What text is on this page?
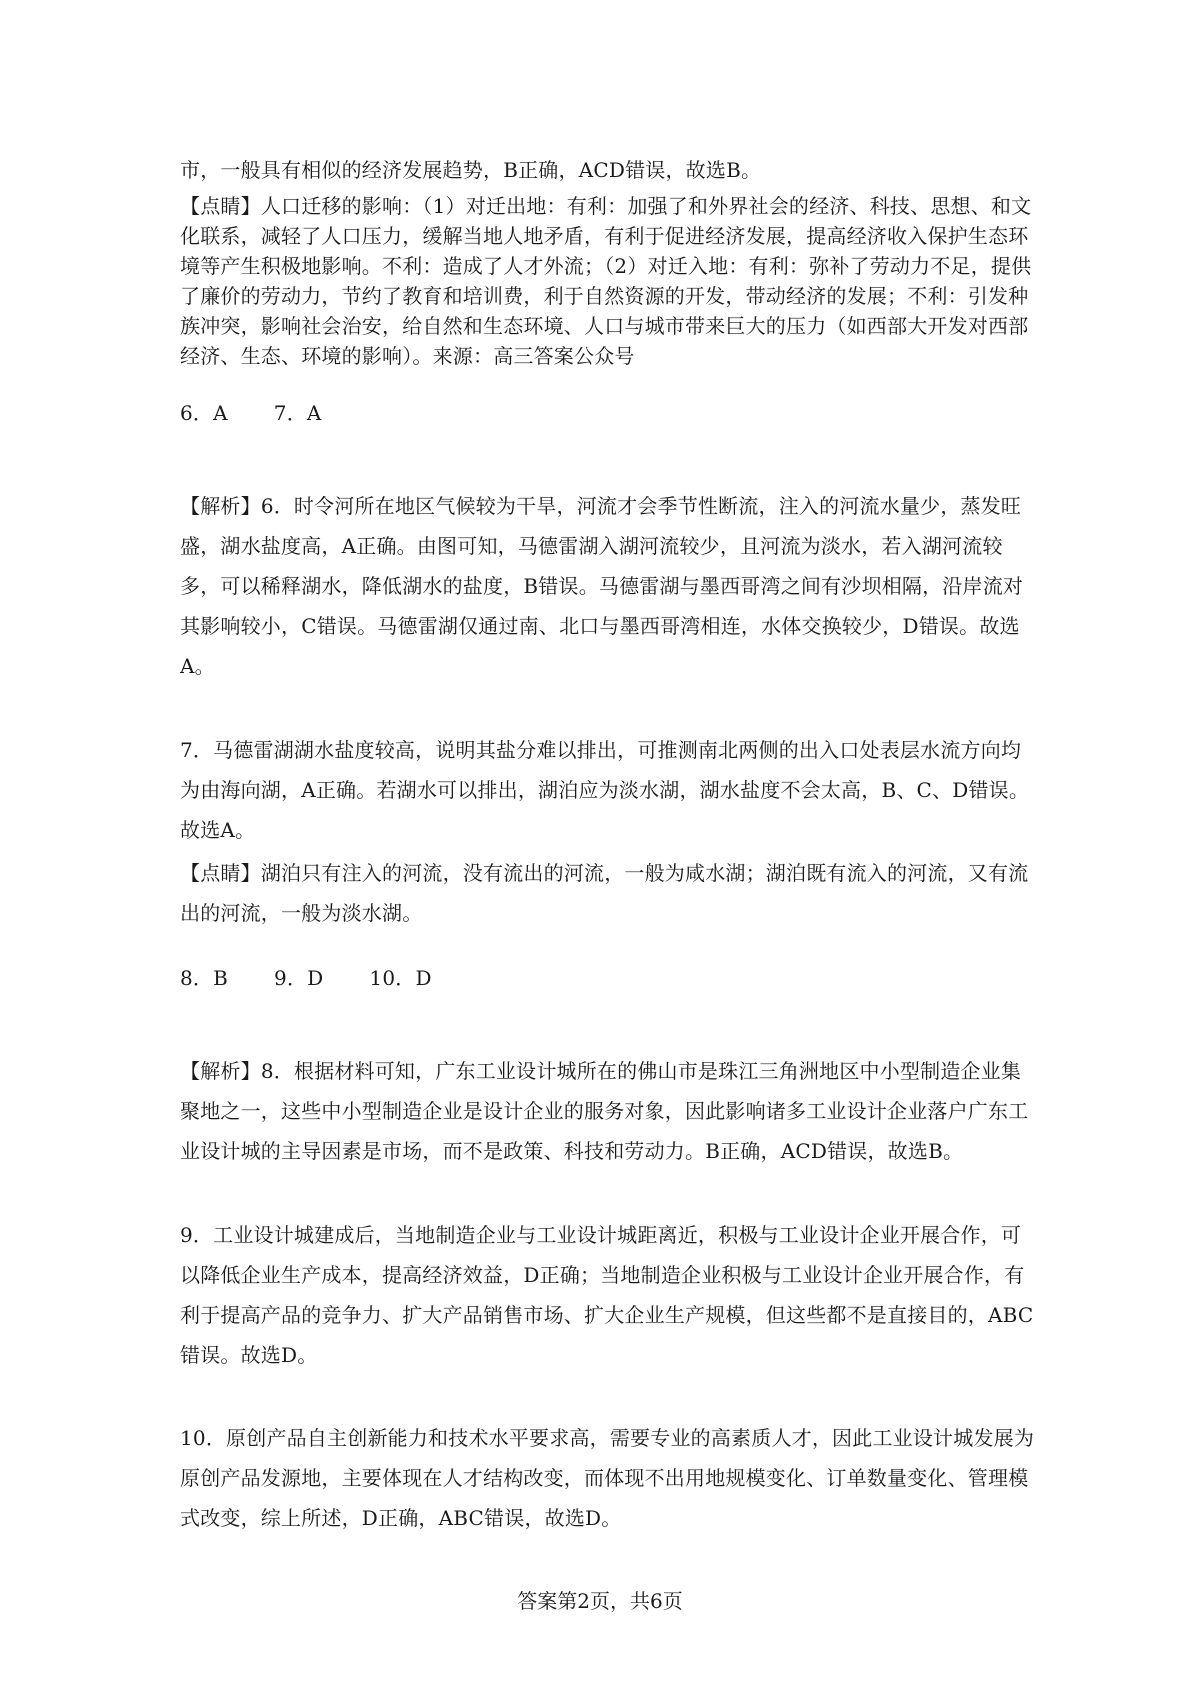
市，一般具有相似的经济发展趋势，B正确，ACD错误，故选B。

【点睛】人口迁移的影响：（1）对迁出地：有利：加强了和外界社会的经济、科技、思想、和文化联系，减轻了人口压力，缓解当地人地矛盾，有利于促进经济发展，提高经济收入保护生态环境等产生积极地影响。不利：造成了人才外流；（2）对迁入地：有利：弥补了劳动力不足，提供了廉价的劳动力，节约了教育和培训费，利于自然资源的开发，带动经济的发展；不利：引发种族冲突，影响社会治安，给自然和生态环境、人口与城市带来巨大的压力（如西部大开发对西部经济、生态、环境的影响）。来源：高三答案公众号

6．A 7．A

【解析】6．时令河所在地区气候较为干旱，河流才会季节性断流，注入的河流水量少，蒸发旺盛，湖水盐度高，A正确。由图可知，马德雷湖入湖河流较少，且河流为淡水，若入湖河流较多，可以稀释湖水，降低湖水的盐度，B错误。马德雷湖与墨西哥湾之间有沙坝相隔，沿岸流对其影响较小，C错误。马德雷湖仅通过南、北口与墨西哥湾相连，水体交换较少，D错误。故选A。

7．马德雷湖湖水盐度较高，说明其盐分难以排出，可推测南北两侧的出入口处表层水流方向均为由海向湖，A正确。若湖水可以排出，湖泊应为淡水湖，湖水盐度不会太高，B、C、D错误。故选A。

【点睛】湖泊只有注入的河流，没有流出的河流，一般为咸水湖；湖泊既有流入的河流，又有流出的河流，一般为淡水湖。

8．B 9．D 10．D

【解析】8．根据材料可知，广东工业设计城所在的佛山市是珠江三角洲地区中小型制造企业集聚地之一，这些中小型制造企业是设计企业的服务对象，因此影响诸多工业设计企业落户广东工业设计城的主导因素是市场，而不是政策、科技和劳动力。B正确，ACD错误，故选B。

9．工业设计城建成后，当地制造企业与工业设计城距离近，积极与工业设计企业开展合作，可以降低企业生产成本，提高经济效益，D正确；当地制造企业积极与工业设计企业开展合作，有利于提高产品的竞争力、扩大产品销售市场、扩大企业生产规模，但这些都不是直接目的，ABC错误。故选D。

10．原创产品自主创新能力和技术水平要求高，需要专业的高素质人才，因此工业设计城发展为原创产品发源地，主要体现在人才结构改变，而体现不出用地规模变化、订单数量变化、管理模式改变，综上所述，D正确，ABC错误，故选D。

答案第2页，共6页
